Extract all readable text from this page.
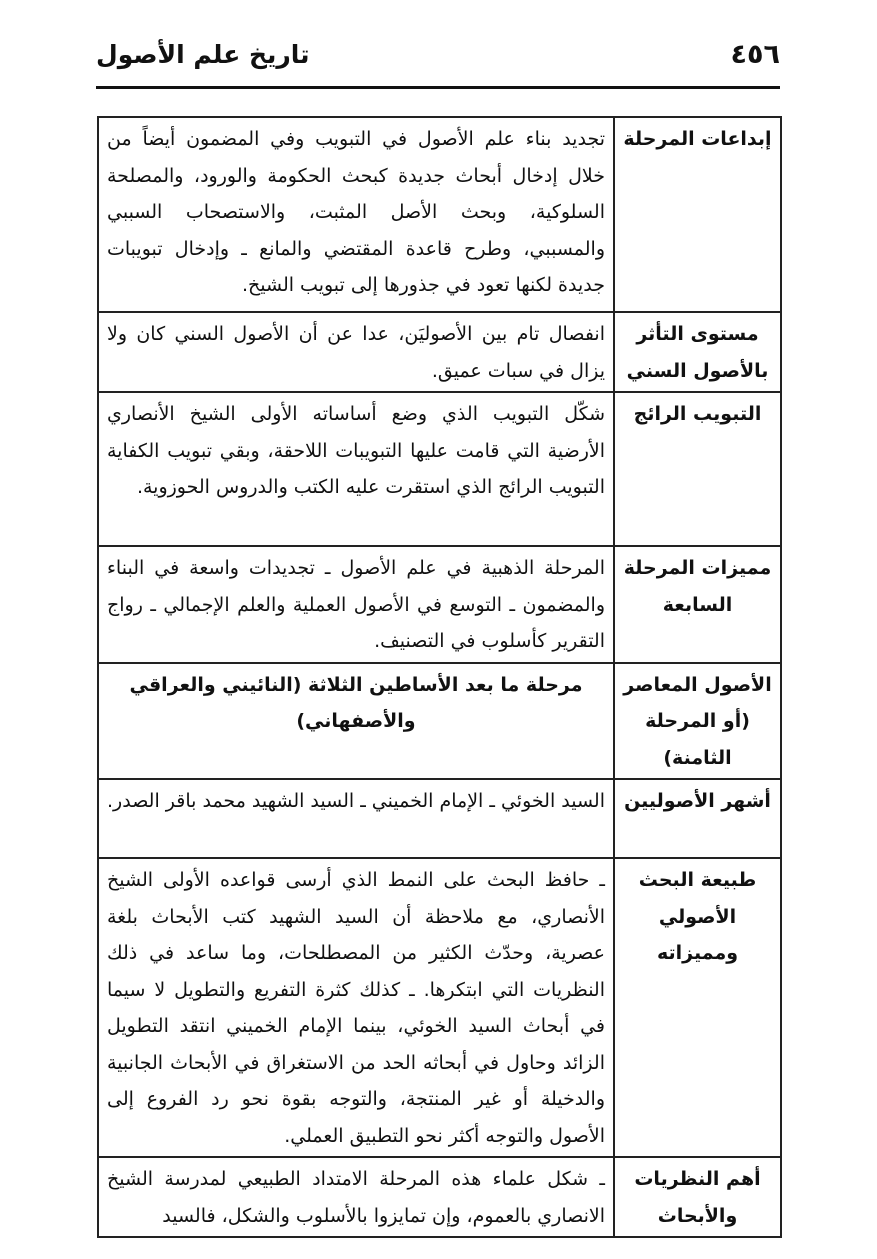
٤٥٦
تاريخ علم الأصول
إبداعات المرحلة	تجديد بناء علم الأصول في التبويب وفي المضمون أيضاً من خلال إدخال أبحاث جديدة كبحث الحكومة والورود، والمصلحة السلوكية، وبحث الأصل المثبت، والاستصحاب السببي والمسببي، وطرح قاعدة المقتضي والمانع ـ وإدخال تبويبات جديدة لكنها تعود في جذورها إلى تبويب الشيخ.
مستوى التأثر بالأصول السني	انفصال تام بين الأصوليَن، عدا عن أن الأصول السني كان ولا يزال في سبات عميق.
التبويب الرائج	شكّل التبويب الذي وضع أساساته الأولى الشيخ الأنصاري الأرضية التي قامت عليها التبويبات اللاحقة، وبقي تبويب الكفاية التبويب الرائج الذي استقرت عليه الكتب والدروس الحوزوية.
مميزات المرحلة السابعة	المرحلة الذهبية في علم الأصول ـ تجديدات واسعة في البناء والمضمون ـ التوسع في الأصول العملية والعلم الإجمالي ـ رواج التقرير كأسلوب في التصنيف.
الأصول المعاصر (أو المرحلة الثامنة)	مرحلة ما بعد الأساطين الثلاثة (النائيني والعراقي والأصفهاني)
أشهر الأصوليين	السيد الخوئي ـ الإمام الخميني ـ السيد الشهيد محمد باقر الصدر.
طبيعة البحث الأصولي ومميزاته	ـ حافظ البحث على النمط الذي أرسى قواعده الأولى الشيخ الأنصاري، مع ملاحظة أن السيد الشهيد كتب الأبحاث بلغة عصرية، وحدّث الكثير من المصطلحات، وما ساعد في ذلك النظريات التي ابتكرها. ـ كذلك كثرة التفريع والتطويل لا سيما في أبحاث السيد الخوئي، بينما الإمام الخميني انتقد التطويل الزائد وحاول في أبحاثه الحد من الاستغراق في الأبحاث الجانبية والدخيلة أو غير المنتجة، والتوجه بقوة نحو رد الفروع إلى الأصول والتوجه أكثر نحو التطبيق العملي.
أهم النظريات والأبحاث	ـ شكل علماء هذه المرحلة الامتداد الطبيعي لمدرسة الشيخ الانصاري بالعموم، وإن تمايزوا بالأسلوب والشكل، فالسيد
